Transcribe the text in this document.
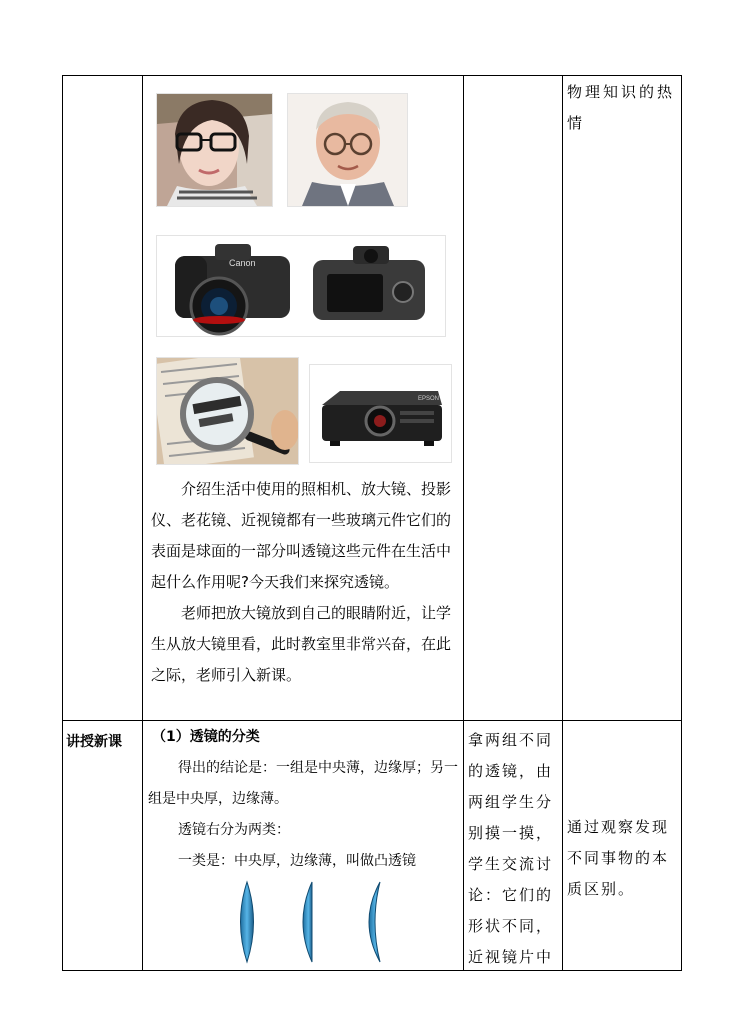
Canon
EPSON

介绍生活中使用的照相机、放大镜、投影仪、老花镜、近视镜都有一些玻璃元件它们的表面是球面的一部分叫透镜这些元件在生活中起什么作用呢?今天我们来探究透镜。

老师把放大镜放到自己的眼睛附近，让学生从放大镜里看，此时教室里非常兴奋，在此之际，老师引入新课。

物理知识的热情
讲授新课	（1）透镜的分类

得出的结论是：一组是中央薄，边缘厚；另一组是中央厚，边缘薄。

透镜右分为两类：

一类是：中央厚，边缘薄，叫做凸透镜

拿两组不同的透镜，由两组学生分别摸一摸，学生交流讨论：它们的形状不同，近视镜片中
通过观察发现不同事物的本质区别。
